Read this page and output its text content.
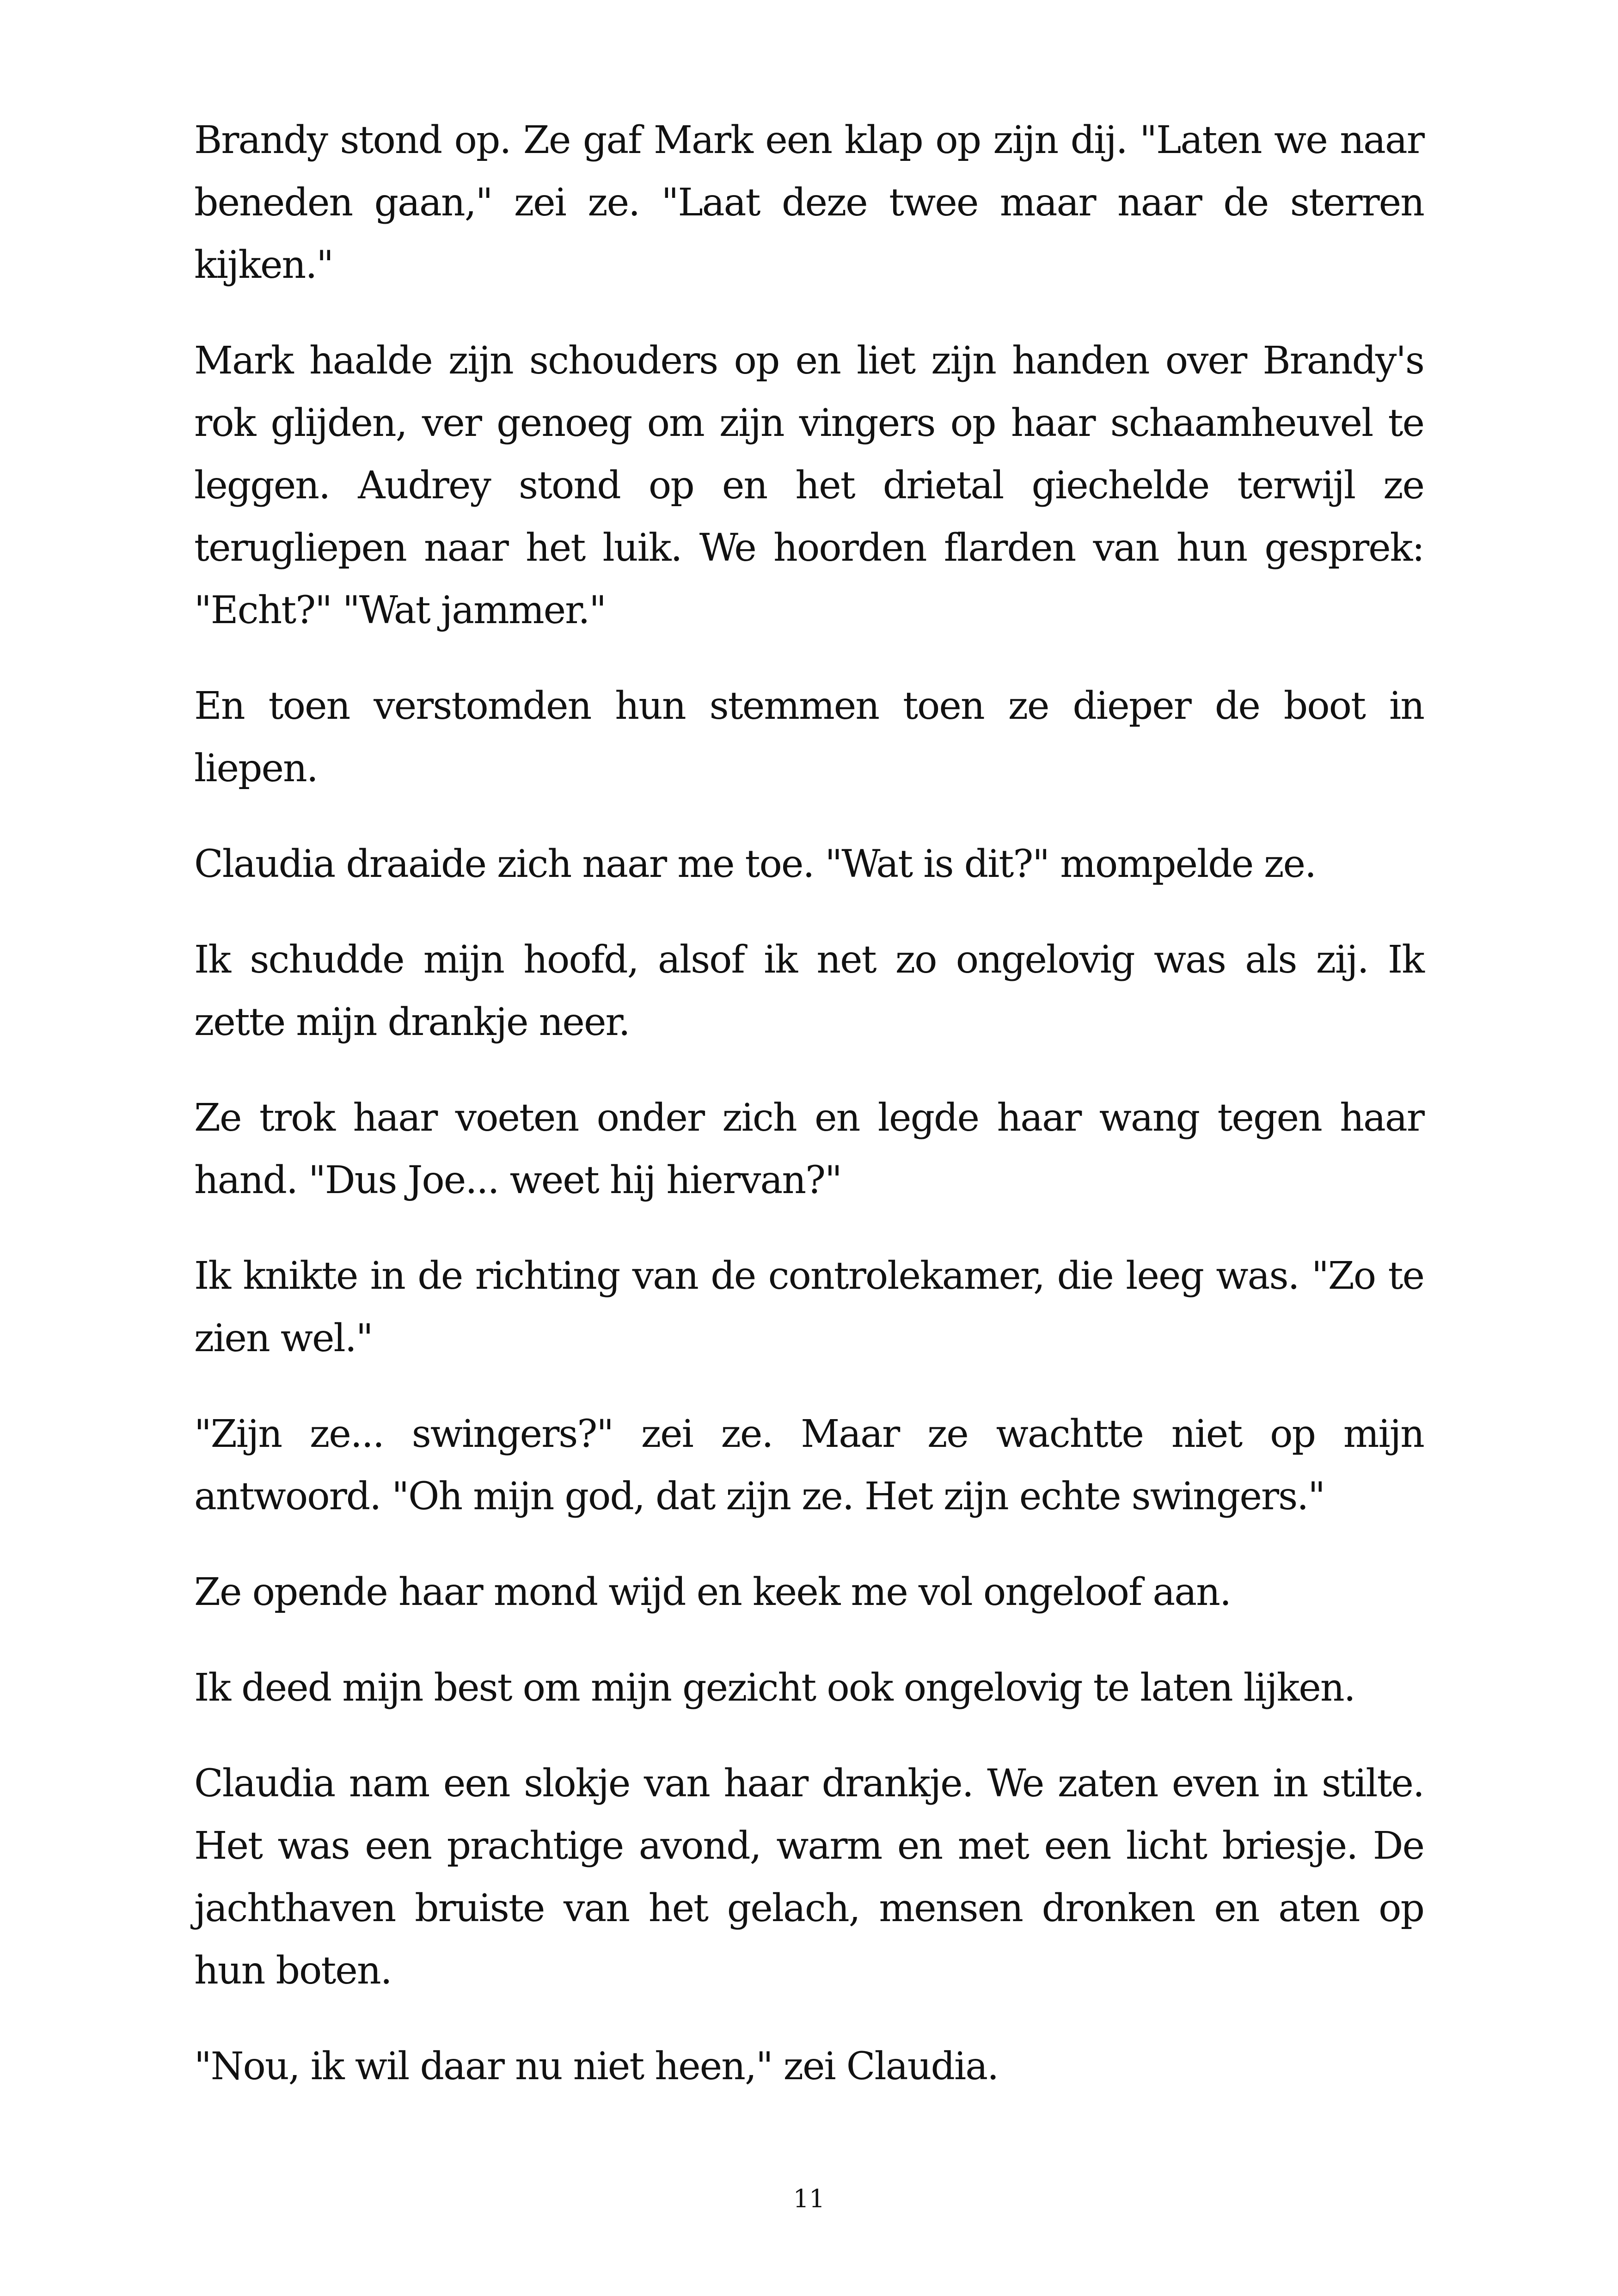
Brandy stond op. Ze gaf Mark een klap op zijn dij. "Laten we naar beneden gaan," zei ze. "Laat deze twee maar naar de sterren kijken."

Mark haalde zijn schouders op en liet zijn handen over Brandy's rok glijden, ver genoeg om zijn vingers op haar schaamheuvel te leggen. Audrey stond op en het drietal giechelde terwijl ze terugliepen naar het luik. We hoorden flarden van hun gesprek: "Echt?" "Wat jammer."

En toen verstomden hun stemmen toen ze dieper de boot in liepen.

Claudia draaide zich naar me toe. "Wat is dit?" mompelde ze.

Ik schudde mijn hoofd, alsof ik net zo ongelovig was als zij. Ik zette mijn drankje neer.

Ze trok haar voeten onder zich en legde haar wang tegen haar hand. "Dus Joe... weet hij hiervan?"

Ik knikte in de richting van de controlekamer, die leeg was. "Zo te zien wel."

"Zijn ze... swingers?" zei ze. Maar ze wachtte niet op mijn antwoord. "Oh mijn god, dat zijn ze. Het zijn echte swingers."

Ze opende haar mond wijd en keek me vol ongeloof aan.

Ik deed mijn best om mijn gezicht ook ongelovig te laten lijken.

Claudia nam een slokje van haar drankje. We zaten even in stilte. Het was een prachtige avond, warm en met een licht briesje. De jachthaven bruiste van het gelach, mensen dronken en aten op hun boten.

"Nou, ik wil daar nu niet heen," zei Claudia.

11
